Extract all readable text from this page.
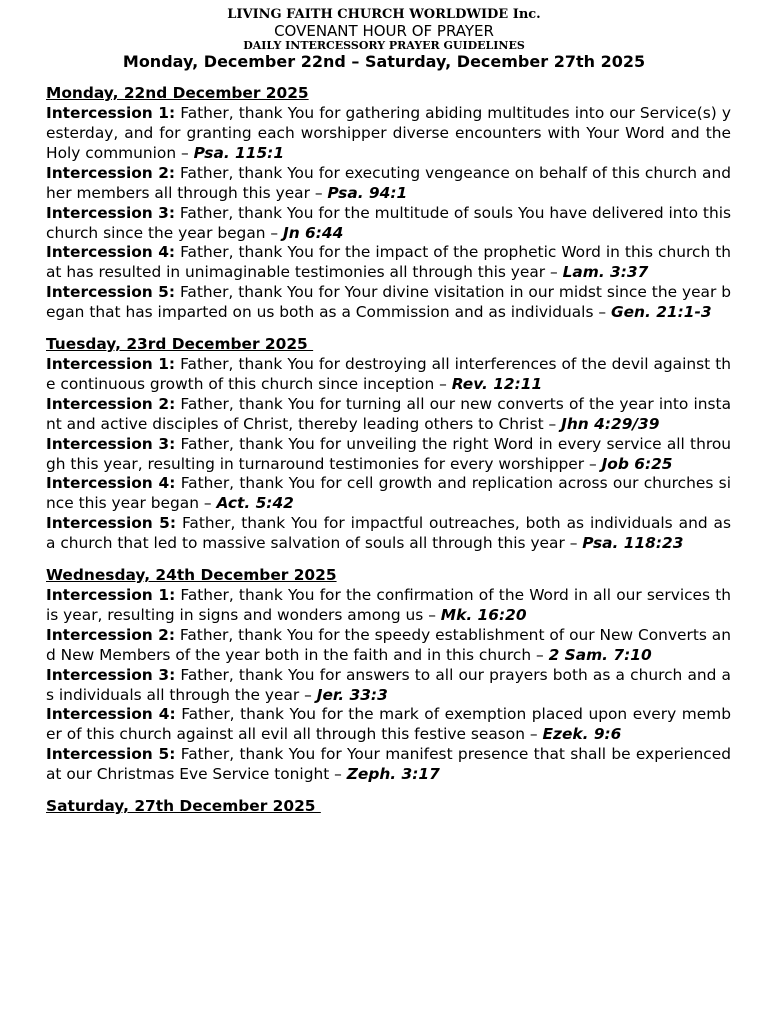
LIVING FAITH CHURCH WORLDWIDE Inc.
COVENANT HOUR OF PRAYER
DAILY INTERCESSORY PRAYER GUIDELINES
Monday, December 22nd – Saturday, December 27th 2025
Monday, 22nd December 2025
Intercession 1: Father, thank You for gathering abiding multitudes into our Service(s) yesterday, and for granting each worshipper diverse encounters with Your Word and the Holy communion – Psa. 115:1
Intercession 2: Father, thank You for executing vengeance on behalf of this church and her members all through this year – Psa. 94:1
Intercession 3: Father, thank You for the multitude of souls You have delivered into this church since the year began – Jn 6:44
Intercession 4: Father, thank You for the impact of the prophetic Word in this church that has resulted in unimaginable testimonies all through this year – Lam. 3:37
Intercession 5: Father, thank You for Your divine visitation in our midst since the year began that has imparted on us both as a Commission and as individuals – Gen. 21:1-3
Tuesday, 23rd December 2025
Intercession 1: Father, thank You for destroying all interferences of the devil against the continuous growth of this church since inception – Rev. 12:11
Intercession 2: Father, thank You for turning all our new converts of the year into instant and active disciples of Christ, thereby leading others to Christ – Jhn 4:29/39
Intercession 3: Father, thank You for unveiling the right Word in every service all through this year, resulting in turnaround testimonies for every worshipper – Job 6:25
Intercession 4: Father, thank You for cell growth and replication across our churches since this year began – Act. 5:42
Intercession 5: Father, thank You for impactful outreaches, both as individuals and as a church that led to massive salvation of souls all through this year – Psa. 118:23
Wednesday, 24th December 2025
Intercession 1: Father, thank You for the confirmation of the Word in all our services this year, resulting in signs and wonders among us – Mk. 16:20
Intercession 2: Father, thank You for the speedy establishment of our New Converts and New Members of the year both in the faith and in this church – 2 Sam. 7:10
Intercession 3: Father, thank You for answers to all our prayers both as a church and as individuals all through the year – Jer. 33:3
Intercession 4: Father, thank You for the mark of exemption placed upon every member of this church against all evil all through this festive season – Ezek. 9:6
Intercession 5: Father, thank You for Your manifest presence that shall be experienced at our Christmas Eve Service tonight – Zeph. 3:17
Saturday, 27th December 2025
